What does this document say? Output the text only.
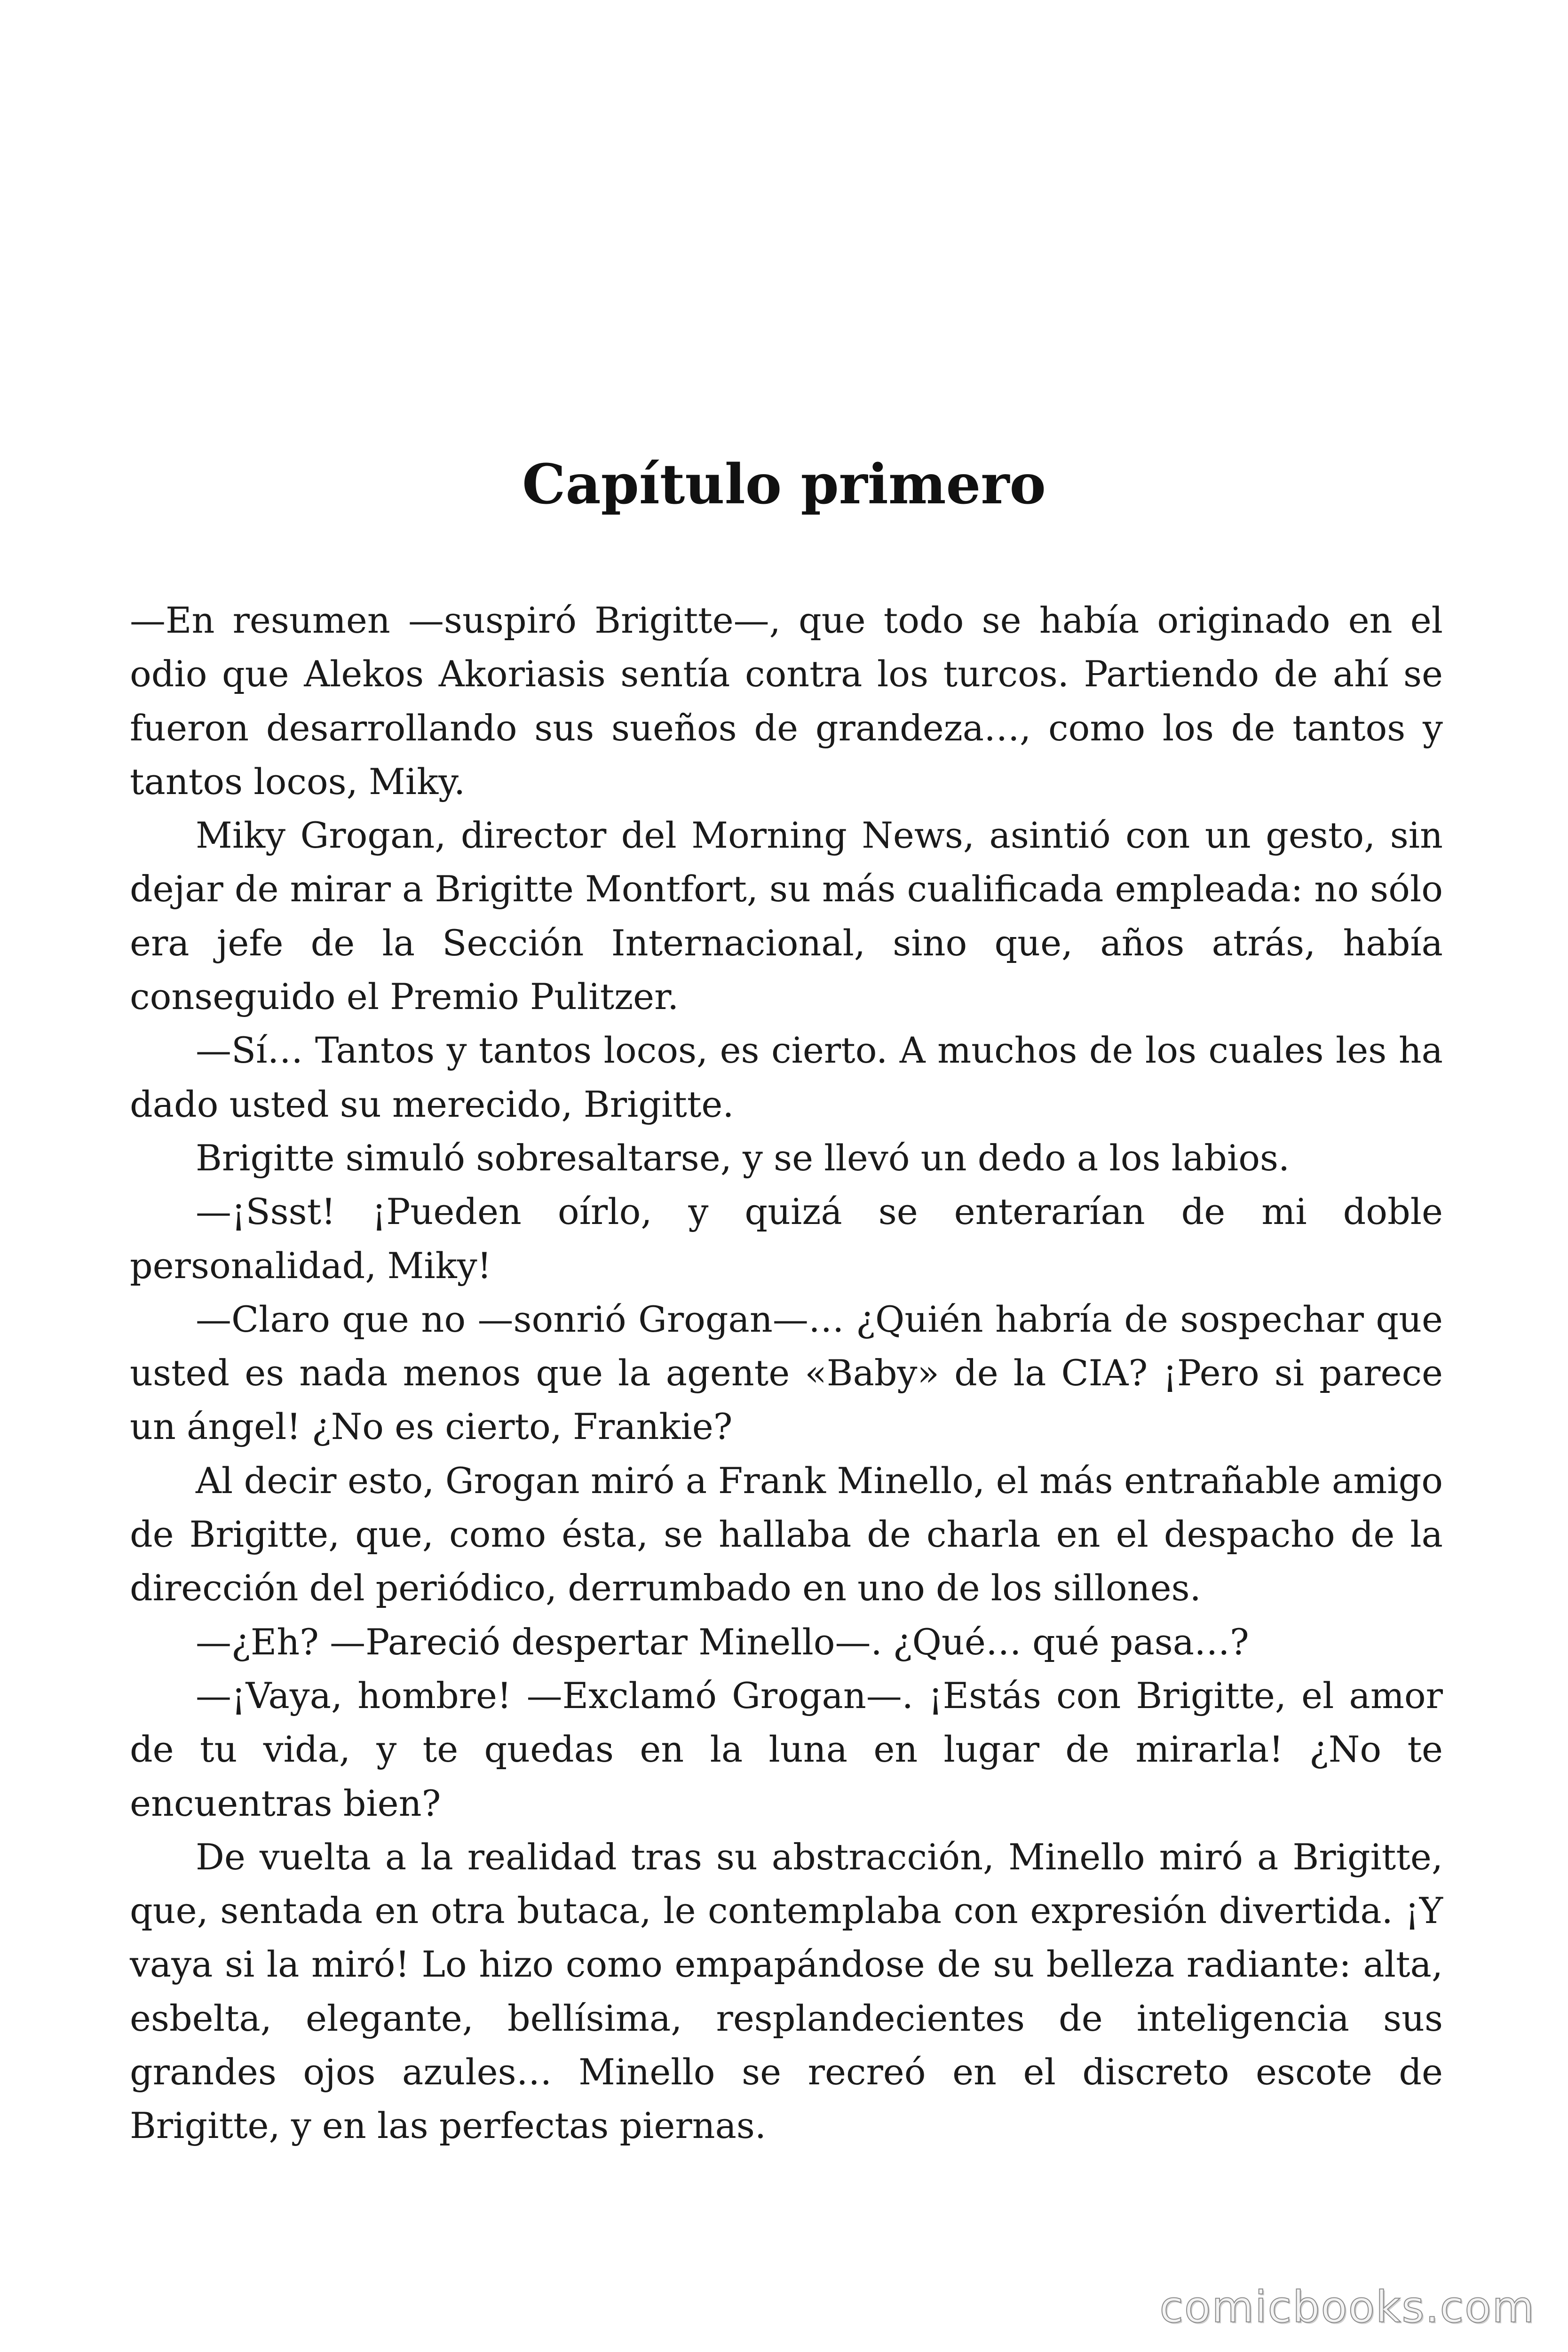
Capítulo primero

—En resumen —suspiró Brigitte—, que todo se había originado en el odio que Alekos Akoriasis sentía contra los turcos. Partiendo de ahí se fueron desarrollando sus sueños de grandeza…, como los de tantos y tantos locos, Miky.

Miky Grogan, director del Morning News, asintió con un gesto, sin dejar de mirar a Brigitte Montfort, su más cualificada empleada: no sólo era jefe de la Sección Internacional, sino que, años atrás, había conseguido el Premio Pulitzer.

—Sí… Tantos y tantos locos, es cierto. A muchos de los cuales les ha dado usted su merecido, Brigitte.

Brigitte simuló sobresaltarse, y se llevó un dedo a los labios.

—¡Ssst! ¡Pueden oírlo, y quizá se enterarían de mi doble personalidad, Miky!

—Claro que no —sonrió Grogan—… ¿Quién habría de sospechar que usted es nada menos que la agente «Baby» de la CIA? ¡Pero si parece un ángel! ¿No es cierto, Frankie?

Al decir esto, Grogan miró a Frank Minello, el más entrañable amigo de Brigitte, que, como ésta, se hallaba de charla en el despacho de la dirección del periódico, derrumbado en uno de los sillones.

—¿Eh? —Pareció despertar Minello—. ¿Qué… qué pasa…?

—¡Vaya, hombre! —Exclamó Grogan—. ¡Estás con Brigitte, el amor de tu vida, y te quedas en la luna en lugar de mirarla! ¿No te encuentras bien?

De vuelta a la realidad tras su abstracción, Minello miró a Brigitte, que, sentada en otra butaca, le contemplaba con expresión divertida. ¡Y vaya si la miró! Lo hizo como empapándose de su belleza radiante: alta, esbelta, elegante, bellísima, resplandecientes de inteligencia sus grandes ojos azules… Minello se recreó en el discreto escote de Brigitte, y en las perfectas piernas.

comicbooks.com
